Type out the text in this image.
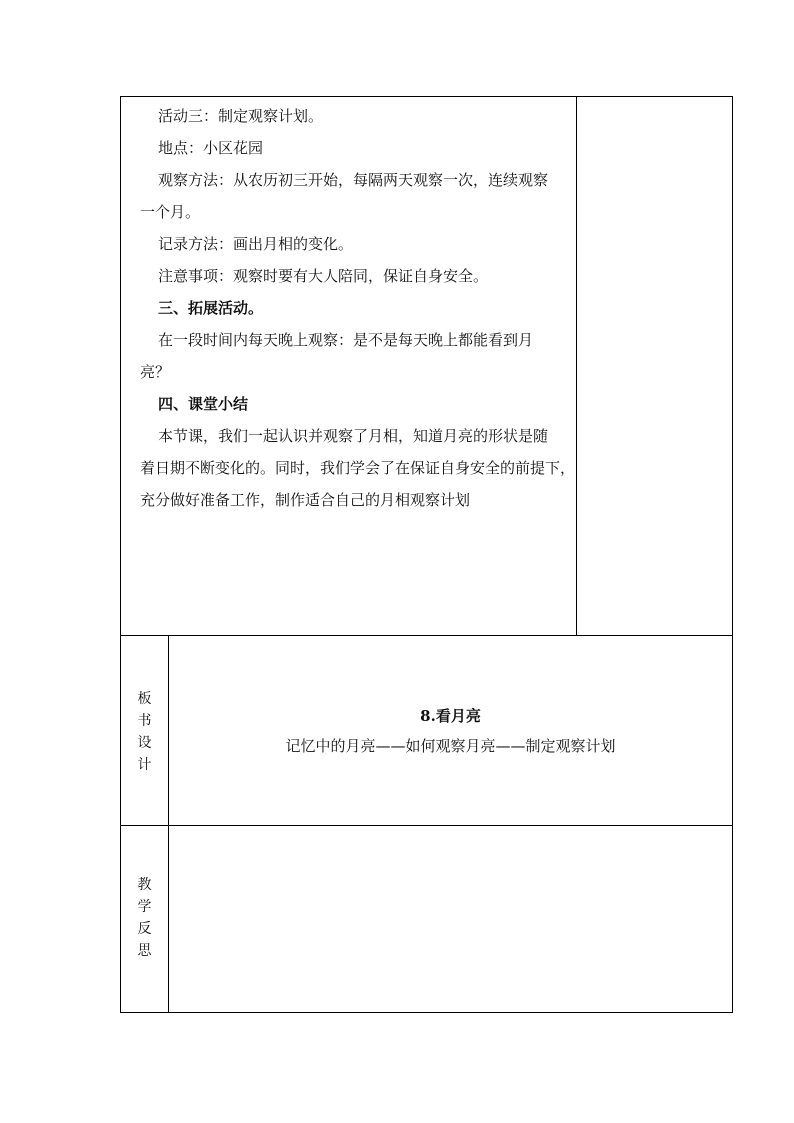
活动三：制定观察计划。

地点：小区花园

观察方法：从农历初三开始，每隔两天观察一次，连续观察

一个月。

记录方法：画出月相的变化。

注意事项：观察时要有大人陪同，保证自身安全。

三、拓展活动。

在一段时间内每天晚上观察：是不是每天晚上都能看到月

亮？

四、课堂小结

本节课，我们一起认识并观察了月相，知道月亮的形状是随

着日期不断变化的。同时，我们学会了在保证自身安全的前提下，

充分做好准备工作，制作适合自己的月相观察计划

板
书
设
计
8.看月亮
记忆中的月亮——如何观察月亮——制定观察计划
教
学
反
思
